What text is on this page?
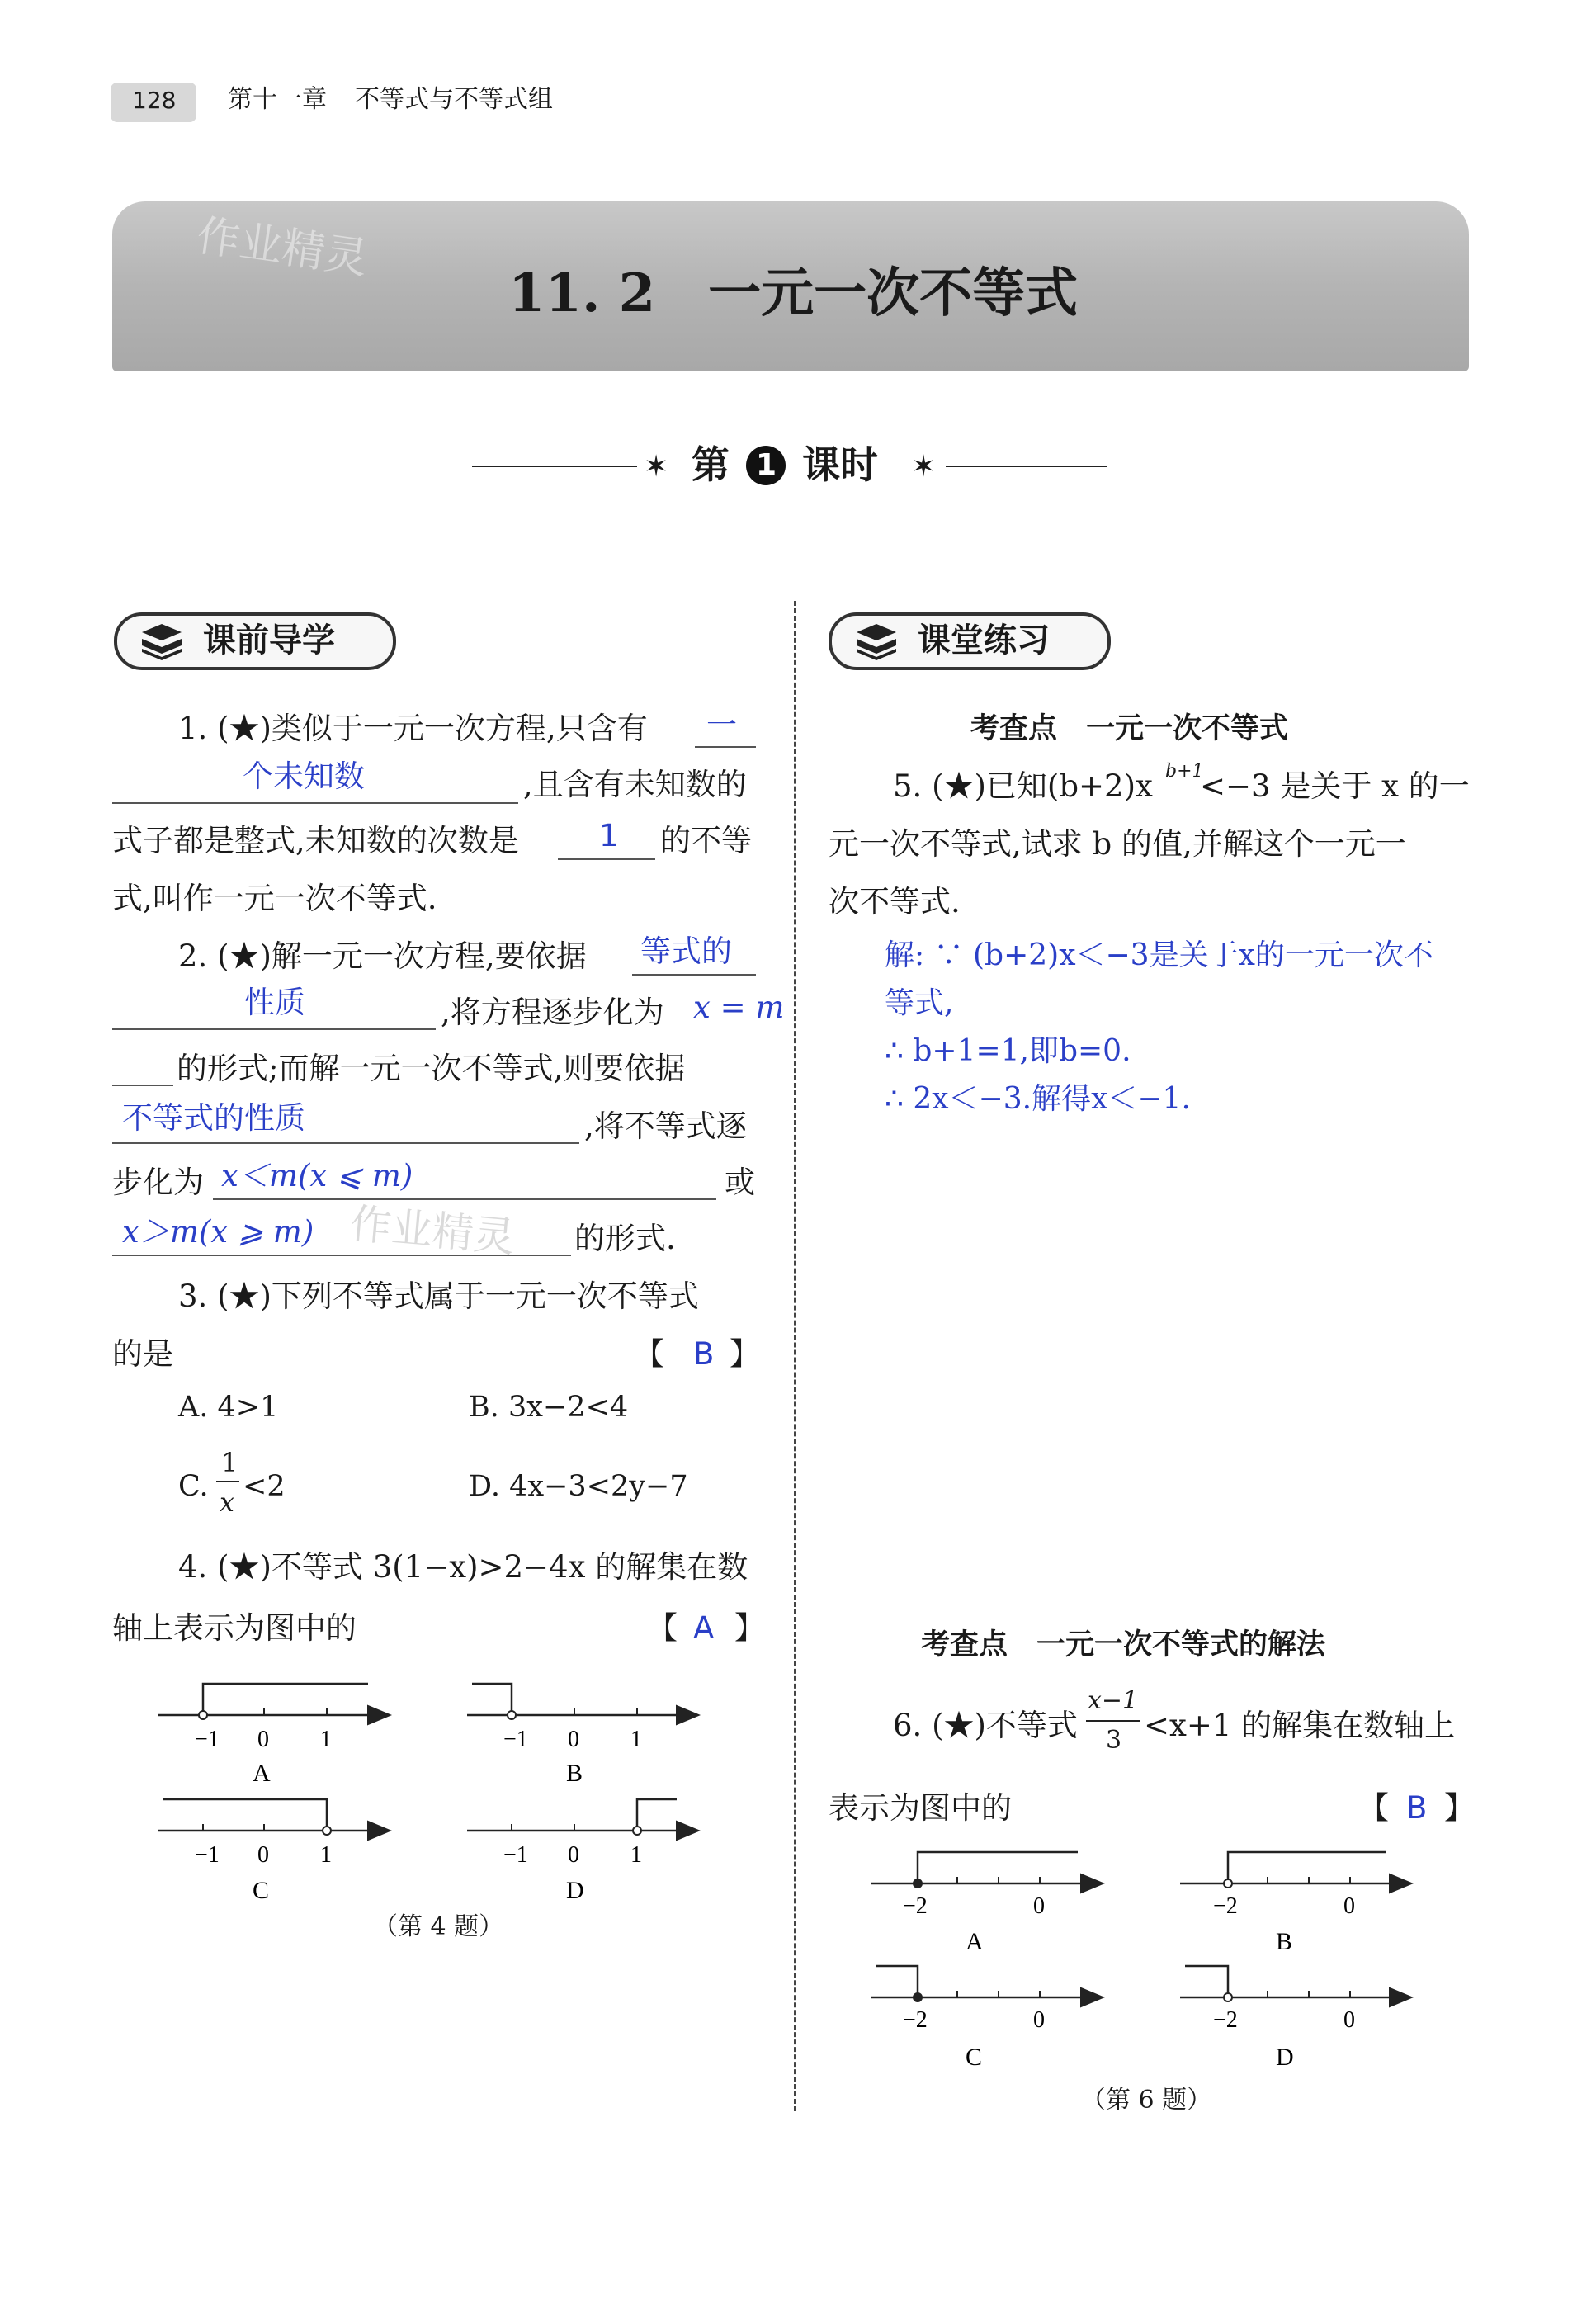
128 第十一章 不等式与不等式组
作业精灵
11. 2　一元一次不等式
✶ 第 1 课时 ✶
课前导学
1. (★)类似于一元一次方程,只含有 一
个未知数	,且含有未知数的
式子都是整式,未知数的次数是	1 的不等
式,叫作一元一次不等式.
2. (★)解一元一次方程,要依据 等式的
性质	,将方程逐步化为 x = m
的形式;而解一元一次不等式,则要依据
不等式的性质	,将不等式逐
步化为 x＜m(x ⩽ m)	或
x＞m(x ⩾ m) 作业精灵 的形式.
3. (★)下列不等式属于一元一次不等式
的是	【 B 】
A. 4>1	B. 3x−2<4
C.
1
x <2	D. 4x−3<2y−7
4. (★)不等式 3(1−x)>2−4x 的解集在数
轴上表示为图中的	【 A 】
−1 0 1
A
−1 0 1
B
−1 0 1
C
−1 0 1
D
（第 4 题）
课堂练习
考查点　一元一次不等式
5. (★)已知(b+2)x b+1
<−3 是关于 x 的一
元一次不等式,试求 b 的值,并解这个一元一
次不等式.
解: ∵ (b+2)x＜−3是关于x的一元一次不
等式,
∴ b+1=1,即b=0.
∴ 2x＜−3.解得x＜−1.
考查点　一元一次不等式的解法
6. (★)不等式
x−1
3 <x+1 的解集在数轴上
表示为图中的	【 B 】
−2	0
A
−2	0
B
−2	0
C
−2	0
D
（第 6 题）
